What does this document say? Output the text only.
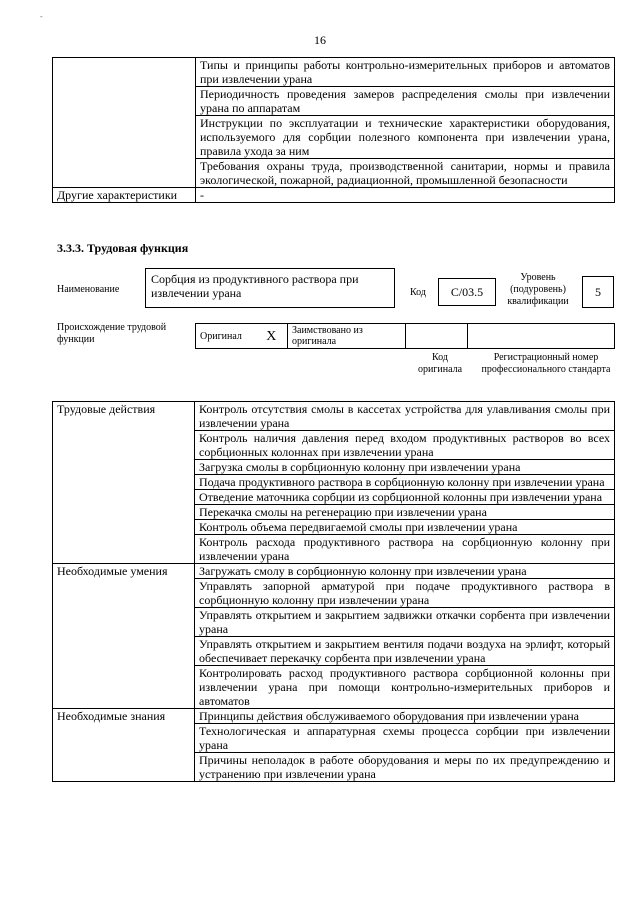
-
16
	Типы и принципы работы контрольно-измерительных приборов и автоматов при извлечении урана
	Периодичность проведения замеров распределения смолы при извлечении урана по аппаратам
	Инструкции по эксплуатации и технические характеристики оборудования, используемого для сорбции полезного компонента при извлечении урана, правила ухода за ним
	Требования охраны труда, производственной санитарии, нормы и правила экологической, пожарной, радиационной, промышленной безопасности
Другие характеристики	-
3.3.3. Трудовая функция
Наименование
Сорбция из продуктивного раствора при извлечении урана	Код	С/03.5
Уровень (подуровень) квалификации
5
Происхождение трудовой функции	Оригинал	X	Заимствовано из оригинала		
Код оригинала
Регистрационный номер профессионального стандарта
Трудовые действия	Контроль отсутствия смолы в кассетах устройства для улавливания смолы при извлечении урана
	Контроль наличия давления перед входом продуктивных растворов во всех сорбционных колоннах при извлечении урана
	Загрузка смолы в сорбционную колонну при извлечении урана
	Подача продуктивного раствора в сорбционную колонну при извлечении урана
	Отведение маточника сорбции из сорбционной колонны при извлечении урана
	Перекачка смолы на регенерацию при извлечении урана
	Контроль объема передвигаемой смолы при извлечении урана
	Контроль расхода продуктивного раствора на сорбционную колонну при извлечении урана
Необходимые умения	Загружать смолу в сорбционную колонну при извлечении урана
	Управлять запорной арматурой при подаче продуктивного раствора в сорбционную колонну при извлечении урана
	Управлять открытием и закрытием задвижки откачки сорбента при извлечении урана
	Управлять открытием и закрытием вентиля подачи воздуха на эрлифт, который обеспечивает перекачку сорбента при извлечении урана
	Контролировать расход продуктивного раствора сорбционной колонны при извлечении урана при помощи контрольно-измерительных приборов и автоматов
Необходимые знания	Принципы действия обслуживаемого оборудования при извлечении урана
	Технологическая и аппаратурная схемы процесса сорбции при извлечении урана
	Причины неполадок в работе оборудования и меры по их предупреждению и устранению при извлечении урана
